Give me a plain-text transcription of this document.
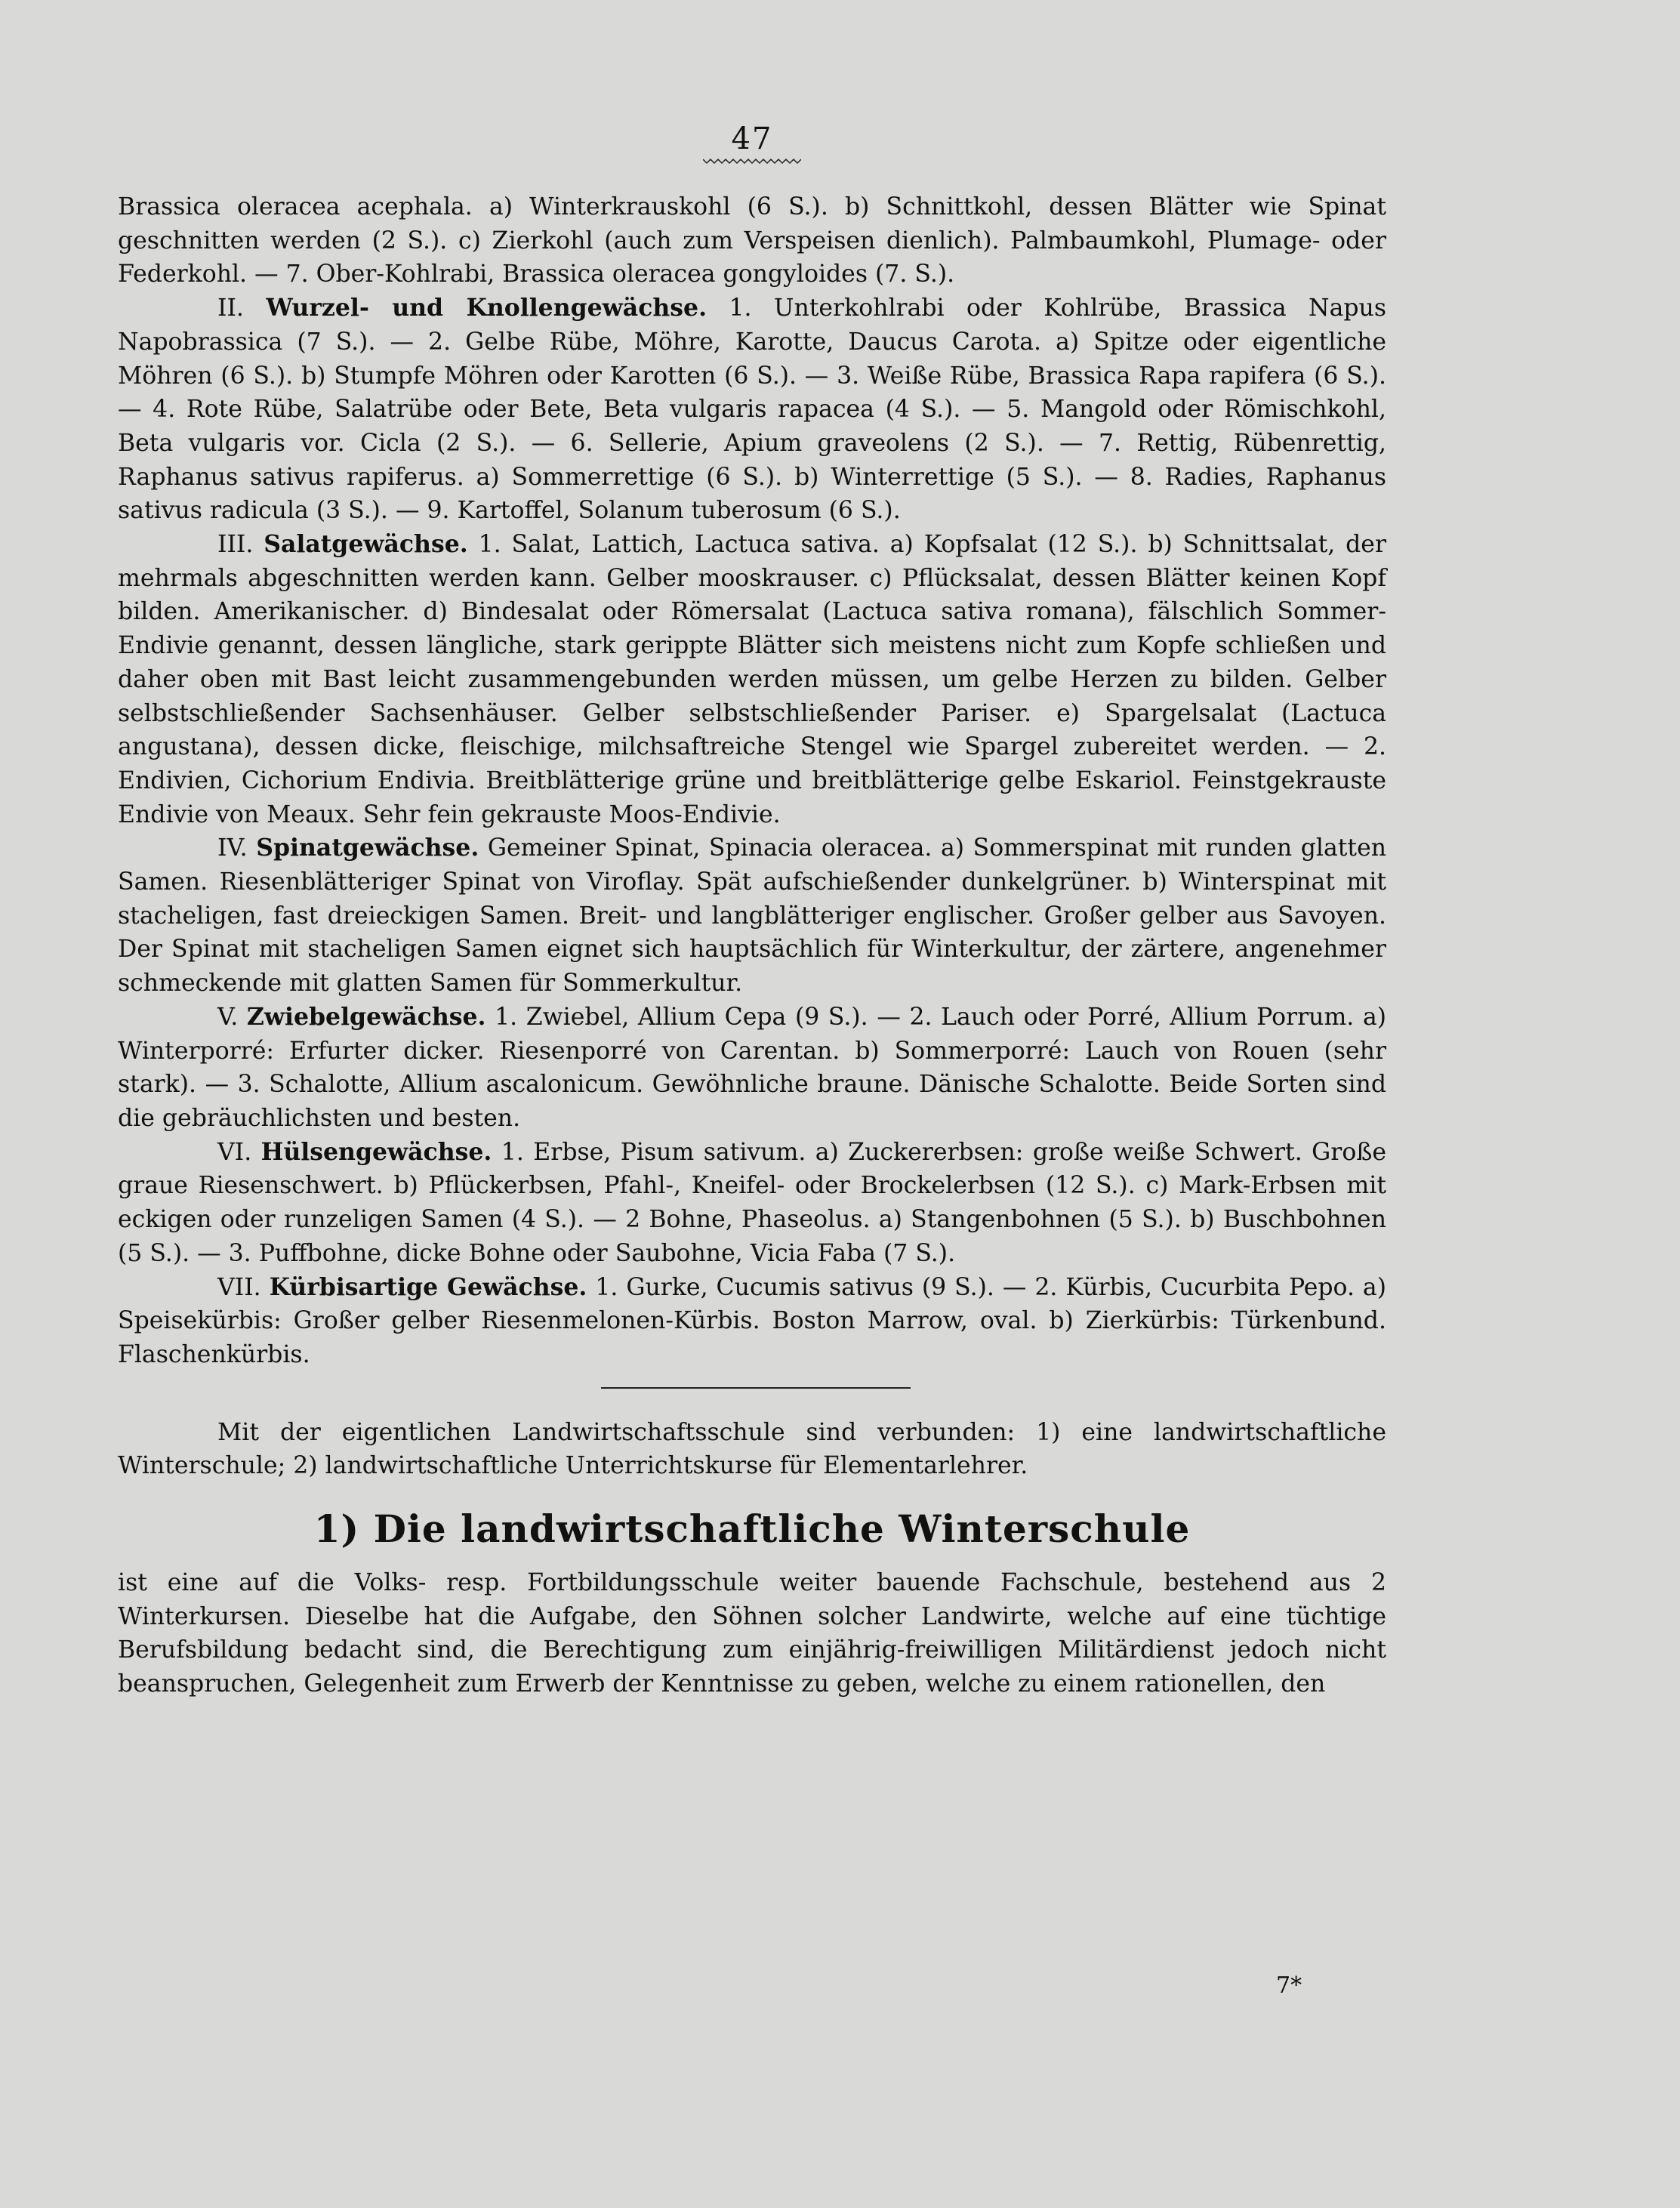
47

Brassica oleracea acephala. a) Winterkrauskohl (6 S.). b) Schnittkohl, dessen Blätter wie Spinat geschnitten werden (2 S.). c) Zierkohl (auch zum Verspeisen dienlich). Palmbaumkohl, Plumage- oder Federkohl. — 7. Ober-Kohlrabi, Brassica oleracea gongyloides (7. S.).

II. Wurzel- und Knollengewächse. 1. Unterkohlrabi oder Kohlrübe, Brassica Napus Napobrassica (7 S.). — 2. Gelbe Rübe, Möhre, Karotte, Daucus Carota. a) Spitze oder eigentliche Möhren (6 S.). b) Stumpfe Möhren oder Karotten (6 S.). — 3. Weiße Rübe, Brassica Rapa rapifera (6 S.). — 4. Rote Rübe, Salatrübe oder Bete, Beta vulgaris rapacea (4 S.). — 5. Mangold oder Römischkohl, Beta vulgaris vor. Cicla (2 S.). — 6. Sellerie, Apium graveolens (2 S.). — 7. Rettig, Rübenrettig, Raphanus sativus rapiferus. a) Sommerrettige (6 S.). b) Winterrettige (5 S.). — 8. Radies, Raphanus sativus radicula (3 S.). — 9. Kartoffel, Solanum tuberosum (6 S.).

III. Salatgewächse. 1. Salat, Lattich, Lactuca sativa. a) Kopfsalat (12 S.). b) Schnittsalat, der mehrmals abgeschnitten werden kann. Gelber mooskrauser. c) Pflücksalat, dessen Blätter keinen Kopf bilden. Amerikanischer. d) Bindesalat oder Römersalat (Lactuca sativa romana), fälschlich Sommer-Endivie genannt, dessen längliche, stark gerippte Blätter sich meistens nicht zum Kopfe schließen und daher oben mit Bast leicht zusammengebunden werden müssen, um gelbe Herzen zu bilden. Gelber selbstschließender Sachsenhäuser. Gelber selbstschließender Pariser. e) Spargelsalat (Lactuca angustana), dessen dicke, fleischige, milchsaftreiche Stengel wie Spargel zubereitet werden. — 2. Endivien, Cichorium Endivia. Breitblätterige grüne und breitblätterige gelbe Eskariol. Feinstgekrauste Endivie von Meaux. Sehr fein gekrauste Moos-Endivie.

IV. Spinatgewächse. Gemeiner Spinat, Spinacia oleracea. a) Sommerspinat mit runden glatten Samen. Riesenblätteriger Spinat von Viroflay. Spät aufschießender dunkelgrüner. b) Winterspinat mit stacheligen, fast dreieckigen Samen. Breit- und langblätteriger englischer. Großer gelber aus Savoyen. Der Spinat mit stacheligen Samen eignet sich hauptsächlich für Winterkultur, der zärtere, angenehmer schmeckende mit glatten Samen für Sommerkultur.

V. Zwiebelgewächse. 1. Zwiebel, Allium Cepa (9 S.). — 2. Lauch oder Porré, Allium Porrum. a) Winterporré: Erfurter dicker. Riesenporré von Carentan. b) Somme​rporré: Lauch von Rouen (sehr stark). — 3. Schalotte, Allium ascalonicum. Gewöhnliche braune. Dänische Schalotte. Beide Sorten sind die gebräuchlichsten und besten.

VI. Hülsengewächse. 1. Erbse, Pisum sativum. a) Zuckererbsen: große weiße Schwert. Große graue Riesenschwert. b) Pflückerbsen, Pfahl-, Kneifel- oder Brockelerbsen (12 S.). c) Mark-Erbsen mit eckigen oder runzeligen Samen (4 S.). — 2 Bohne, Phaseolus. a) Stangenbohnen (5 S.). b) Buschbohnen (5 S.). — 3. Puffbohne, dicke Bohne oder Saubohne, Vicia Faba (7 S.).

VII. Kürbisartige Gewächse. 1. Gurke, Cucumis sativus (9 S.). — 2. Kürbis, Cucurbita Pepo. a) Speisekürbis: Großer gelber Riesenmelonen-Kürbis. Boston Marrow, oval. b) Zierkürbis: Türkenbund. Flaschenkürbis.

Mit der eigentlichen Landwirtschaftsschule sind verbunden: 1) eine landwirtschaftliche Winterschule; 2) landwirtschaftliche Unterrichtskurse für Elementarlehrer.

1) Die landwirtschaftliche Winterschule

ist eine auf die Volks- resp. Fortbildungsschule weiter bauende Fachschule, bestehend aus 2 Winterkursen. Dieselbe hat die Aufgabe, den Söhnen solcher Landwirte, welche auf eine tüchtige Berufsbildung bedacht sind, die Berechtigung zum einjährig-freiwilligen Militärdienst jedoch nicht beanspruchen, Gelegenheit zum Erwerb der Kenntnisse zu geben, welche zu einem rationellen, den

7*
